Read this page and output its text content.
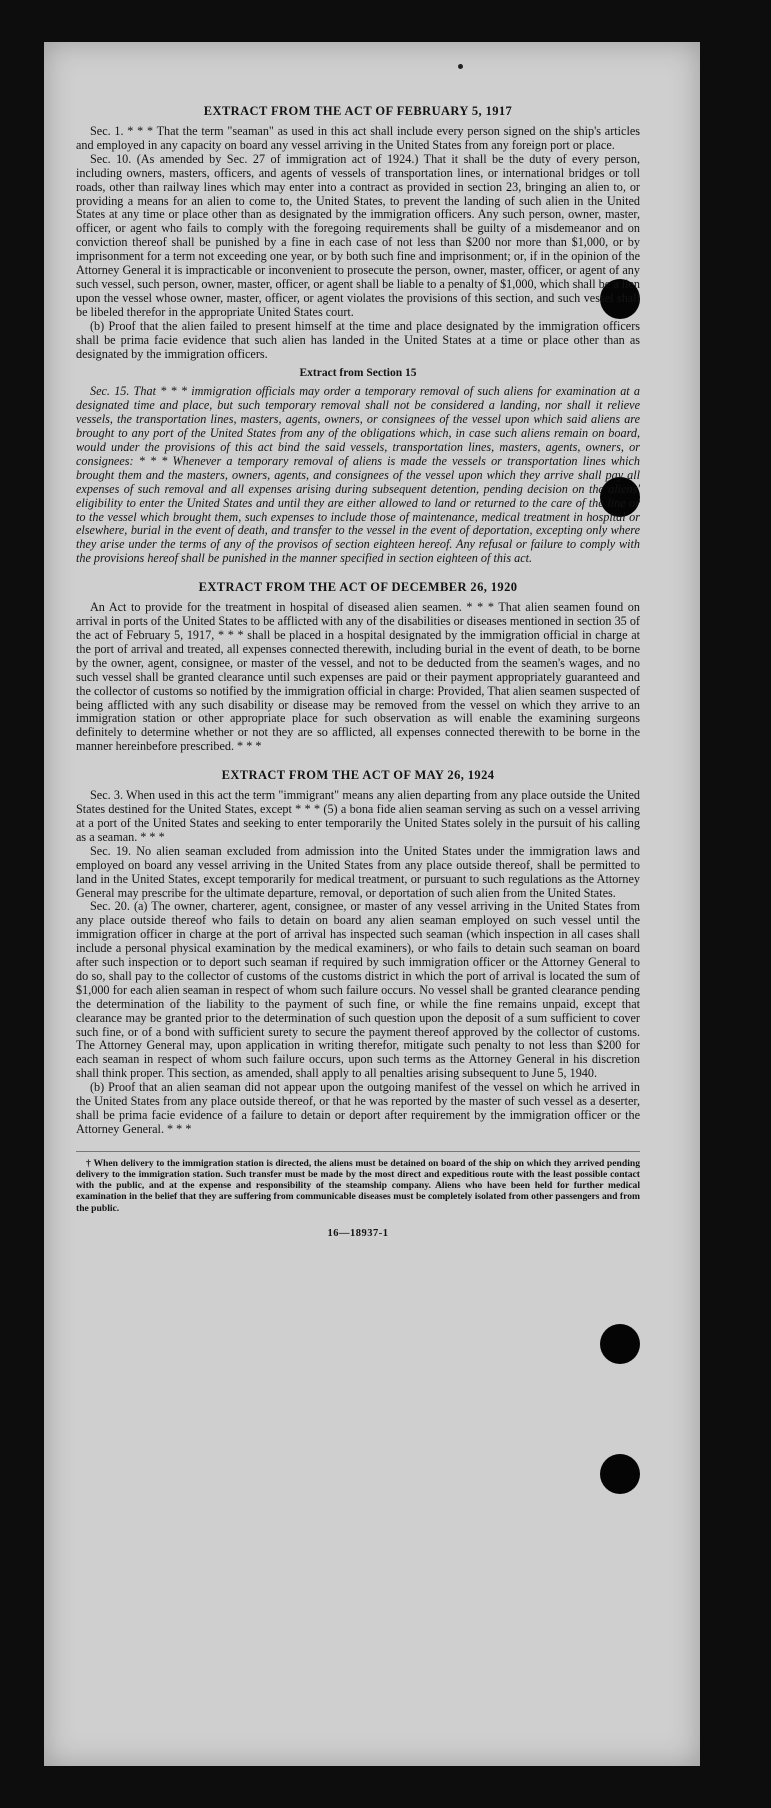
EXTRACT FROM THE ACT OF FEBRUARY 5, 1917

Sec. 1. * * * That the term "seaman" as used in this act shall include every person signed on the ship's articles and employed in any capacity on board any vessel arriving in the United States from any foreign port or place.

Sec. 10. (As amended by Sec. 27 of immigration act of 1924.) That it shall be the duty of every person, including owners, masters, officers, and agents of vessels of transportation lines, or international bridges or toll roads, other than railway lines which may enter into a contract as provided in section 23, bringing an alien to, or providing a means for an alien to come to, the United States, to prevent the landing of such alien in the United States at any time or place other than as designated by the immigration officers. Any such person, owner, master, officer, or agent who fails to comply with the foregoing requirements shall be guilty of a misdemeanor and on conviction thereof shall be punished by a fine in each case of not less than $200 nor more than $1,000, or by imprisonment for a term not exceeding one year, or by both such fine and imprisonment; or, if in the opinion of the Attorney General it is impracticable or inconvenient to prosecute the person, owner, master, officer, or agent of any such vessel, such person, owner, master, officer, or agent shall be liable to a penalty of $1,000, which shall be a lien upon the vessel whose owner, master, officer, or agent violates the provisions of this section, and such vessel shall be libeled therefor in the appropriate United States court.

(b) Proof that the alien failed to present himself at the time and place designated by the immigration officers shall be prima facie evidence that such alien has landed in the United States at a time or place other than as designated by the immigration officers.

Extract from Section 15

Sec. 15. That * * * immigration officials may order a temporary removal of such aliens for examination at a designated time and place, but such temporary removal shall not be considered a landing, nor shall it relieve vessels, the transportation lines, masters, agents, owners, or consignees of the vessel upon which said aliens are brought to any port of the United States from any of the obligations which, in case such aliens remain on board, would under the provisions of this act bind the said vessels, transportation lines, masters, agents, owners, or consignees: * * * Whenever a temporary removal of aliens is made the vessels or transportation lines which brought them and the masters, owners, agents, and consignees of the vessel upon which they arrive shall pay all expenses of such removal and all expenses arising during subsequent detention, pending decision on the aliens' eligibility to enter the United States and until they are either allowed to land or returned to the care of the line or to the vessel which brought them, such expenses to include those of maintenance, medical treatment in hospital or elsewhere, burial in the event of death, and transfer to the vessel in the event of deportation, excepting only where they arise under the terms of any of the provisos of section eighteen hereof. Any refusal or failure to comply with the provisions hereof shall be punished in the manner specified in section eighteen of this act.

EXTRACT FROM THE ACT OF DECEMBER 26, 1920

An Act to provide for the treatment in hospital of diseased alien seamen. * * * That alien seamen found on arrival in ports of the United States to be afflicted with any of the disabilities or diseases mentioned in section 35 of the act of February 5, 1917, * * * shall be placed in a hospital designated by the immigration official in charge at the port of arrival and treated, all expenses connected therewith, including burial in the event of death, to be borne by the owner, agent, consignee, or master of the vessel, and not to be deducted from the seamen's wages, and no such vessel shall be granted clearance until such expenses are paid or their payment appropriately guaranteed and the collector of customs so notified by the immigration official in charge: Provided, That alien seamen suspected of being afflicted with any such disability or disease may be removed from the vessel on which they arrive to an immigration station or other appropriate place for such observation as will enable the examining surgeons definitely to determine whether or not they are so afflicted, all expenses connected therewith to be borne in the manner hereinbefore prescribed. * * *

EXTRACT FROM THE ACT OF MAY 26, 1924

Sec. 3. When used in this act the term "immigrant" means any alien departing from any place outside the United States destined for the United States, except * * * (5) a bona fide alien seaman serving as such on a vessel arriving at a port of the United States and seeking to enter temporarily the United States solely in the pursuit of his calling as a seaman. * * *

Sec. 19. No alien seaman excluded from admission into the United States under the immigration laws and employed on board any vessel arriving in the United States from any place outside thereof, shall be permitted to land in the United States, except temporarily for medical treatment, or pursuant to such regulations as the Attorney General may prescribe for the ultimate departure, removal, or deportation of such alien from the United States.

Sec. 20. (a) The owner, charterer, agent, consignee, or master of any vessel arriving in the United States from any place outside thereof who fails to detain on board any alien seaman employed on such vessel until the immigration officer in charge at the port of arrival has inspected such seaman (which inspection in all cases shall include a personal physical examination by the medical examiners), or who fails to detain such seaman on board after such inspection or to deport such seaman if required by such immigration officer or the Attorney General to do so, shall pay to the collector of customs of the customs district in which the port of arrival is located the sum of $1,000 for each alien seaman in respect of whom such failure occurs. No vessel shall be granted clearance pending the determination of the liability to the payment of such fine, or while the fine remains unpaid, except that clearance may be granted prior to the determination of such question upon the deposit of a sum sufficient to cover such fine, or of a bond with sufficient surety to secure the payment thereof approved by the collector of customs. The Attorney General may, upon application in writing therefor, mitigate such penalty to not less than $200 for each seaman in respect of whom such failure occurs, upon such terms as the Attorney General in his discretion shall think proper. This section, as amended, shall apply to all penalties arising subsequent to June 5, 1940.

(b) Proof that an alien seaman did not appear upon the outgoing manifest of the vessel on which he arrived in the United States from any place outside thereof, or that he was reported by the master of such vessel as a deserter, shall be prima facie evidence of a failure to detain or deport after requirement by the immigration officer or the Attorney General. * * *

† When delivery to the immigration station is directed, the aliens must be detained on board of the ship on which they arrived pending delivery to the immigration station. Such transfer must be made by the most direct and expeditious route with the least possible contact with the public, and at the expense and responsibility of the steamship company. Aliens who have been held for further medical examination in the belief that they are suffering from communicable diseases must be completely isolated from other passengers and from the public.
16—18937-1
